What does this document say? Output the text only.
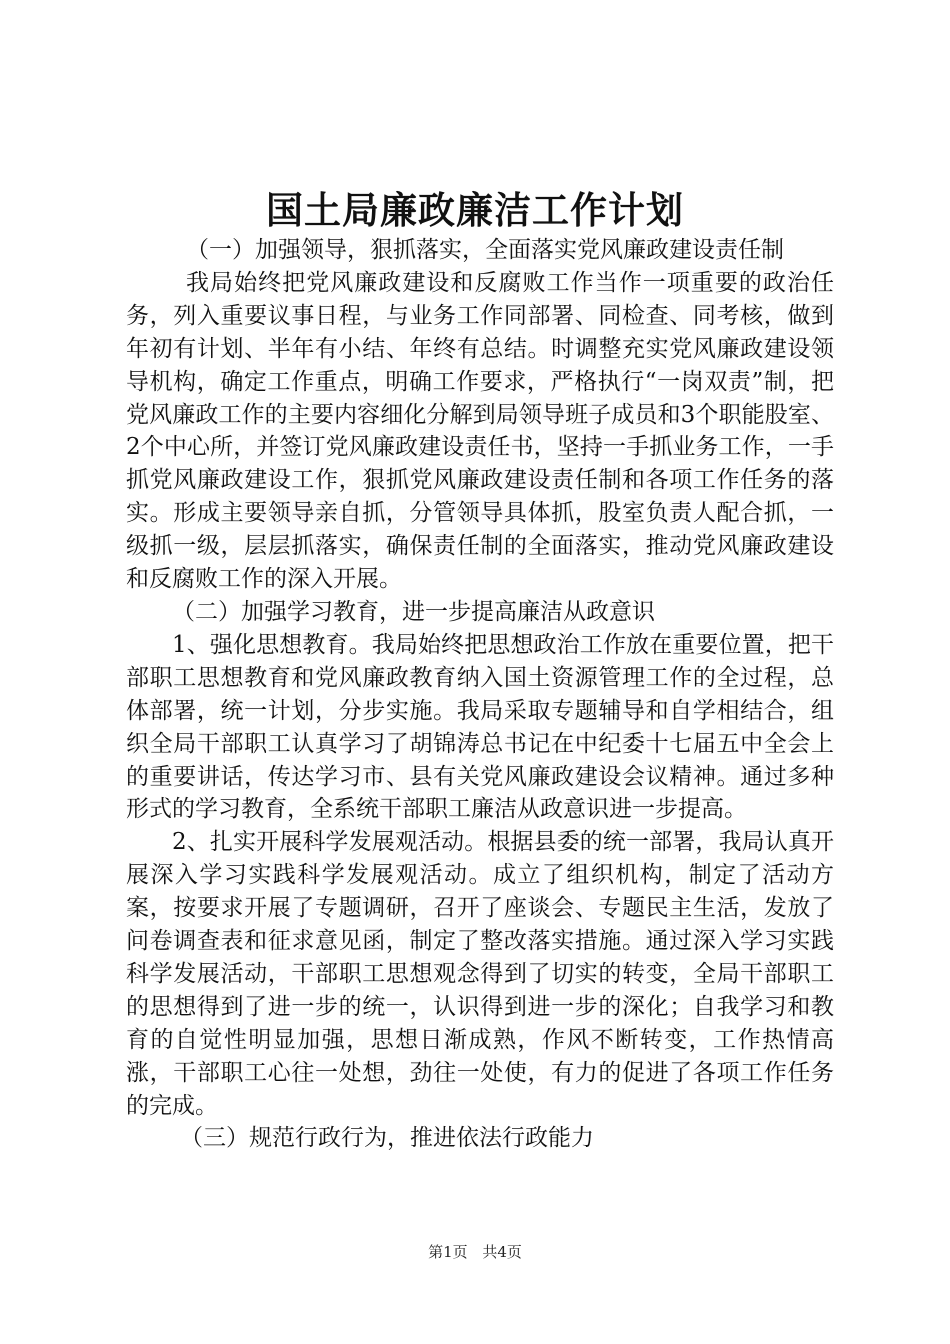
国土局廉政廉洁工作计划

（一）加强领导，狠抓落实，全面落实党风廉政建设责任制

我局始终把党风廉政建设和反腐败工作当作一项重要的政治任务，列入重要议事日程，与业务工作同部署、同检查、同考核，做到年初有计划、半年有小结、年终有总结。时调整充实党风廉政建设领导机构，确定工作重点，明确工作要求，严格执行“一岗双责”制，把党风廉政工作的主要内容细化分解到局领导班子成员和3个职能股室、2个中心所，并签订党风廉政建设责任书，坚持一手抓业务工作，一手抓党风廉政建设工作，狠抓党风廉政建设责任制和各项工作任务的落实。形成主要领导亲自抓，分管领导具体抓，股室负责人配合抓，一级抓一级，层层抓落实，确保责任制的全面落实，推动党风廉政建设和反腐败工作的深入开展。

（二）加强学习教育，进一步提高廉洁从政意识

1、强化思想教育。我局始终把思想政治工作放在重要位置，把干部职工思想教育和党风廉政教育纳入国土资源管理工作的全过程，总体部署，统一计划，分步实施。我局采取专题辅导和自学相结合，组织全局干部职工认真学习了胡锦涛总书记在中纪委十七届五中全会上的重要讲话，传达学习市、县有关党风廉政建设会议精神。通过多种形式的学习教育，全系统干部职工廉洁从政意识进一步提高。

2、扎实开展科学发展观活动。根据县委的统一部署，我局认真开展深入学习实践科学发展观活动。成立了组织机构，制定了活动方案，按要求开展了专题调研，召开了座谈会、专题民主生活，发放了问卷调查表和征求意见函，制定了整改落实措施。通过深入学习实践科学发展活动，干部职工思想观念得到了切实的转变，全局干部职工的思想得到了进一步的统一，认识得到进一步的深化；自我学习和教育的自觉性明显加强，思想日渐成熟，作风不断转变，工作热情高涨，干部职工心往一处想，劲往一处使，有力的促进了各项工作任务的完成。

（三）规范行政行为，推进依法行政能力

第1页 共4页
